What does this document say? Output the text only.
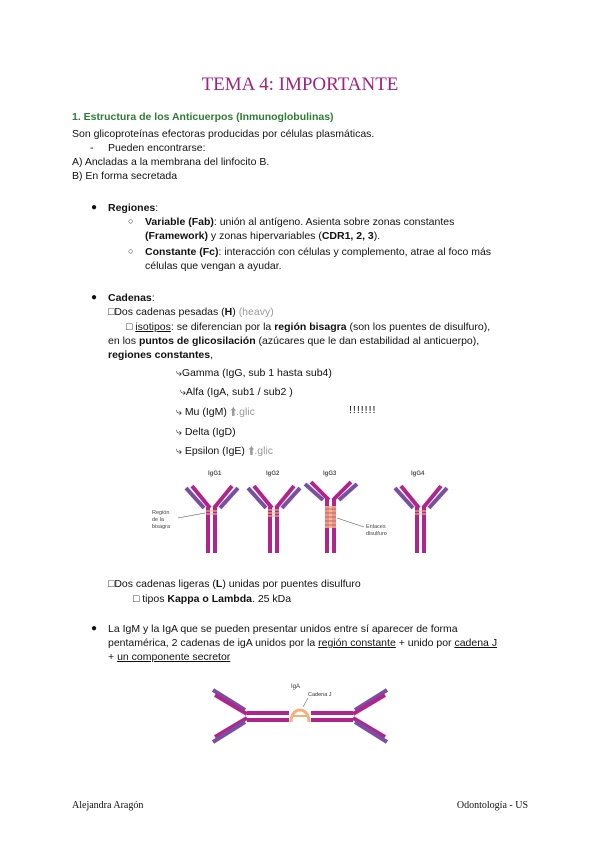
TEMA 4: IMPORTANTE
1. Estructura de los Anticuerpos (Inmunoglobulinas)
Son glicoproteínas efectoras producidas por células plasmáticas.
- Pueden encontrarse:
A) Ancladas a la membrana del linfocito B.
B) En forma secretada
● Regiones:
○ Variable (Fab): unión al antígeno. Asienta sobre zonas constantes
(Framework) y zonas hipervariables (CDR1, 2, 3).
○ Constante (Fc): interacción con células y complemento, atrae al foco más
células que vengan a ayudar.
● Cadenas:
□Dos cadenas pesadas (H) (heavy)
□ isotipos: se diferencian por la región bisagra (son los puentes de disulfuro),
en los puntos de glicosilación (azúcares que le dan estabilidad al anticuerpo),
regiones constantes,
⤷Gamma (IgG, sub 1 hasta sub4)
⤷Alfa (IgA, sub1 / sub2 )
⤷ Mu (IgM) ⬆.glic	!!!!!!!
⤷ Delta (IgD)
⤷ Epsilon (IgE) ⬆.glic
IgG1	IgG2	IgG3	IgG4
Región
de la
bisagra	Enlaces
disulfuro
□Dos cadenas ligeras (L) unidas por puentes disulfuro
□ tipos Kappa o Lambda. 25 kDa
● La IgM y la IgA que se pueden presentar unidos entre sí aparecer de forma
pentamérica, 2 cadenas de igA unidos por la región constante + unido por cadena J
+ un componente secretor
IgA
Cadena J
Alejandra Aragón	Odontología - US
